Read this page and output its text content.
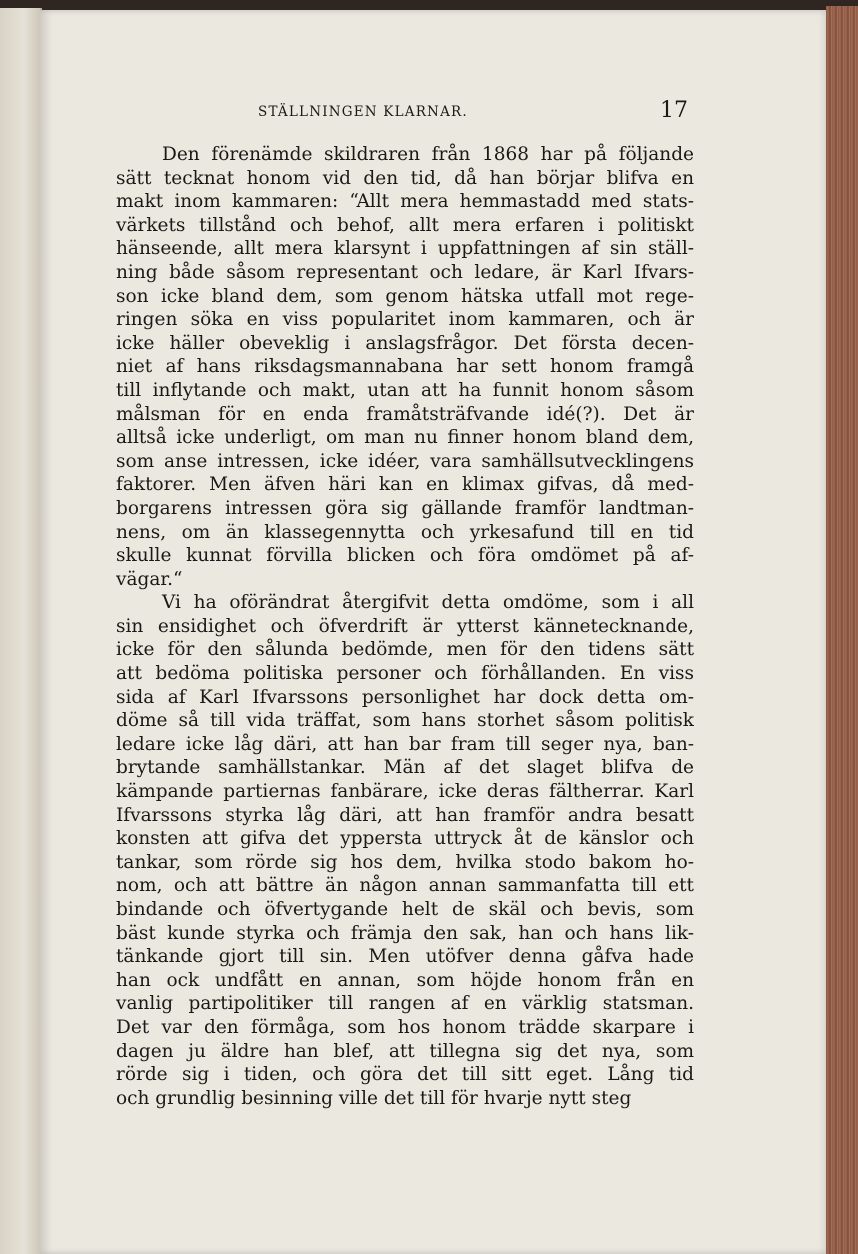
STÄLLNINGEN KLARNAR.	17
Den förenämde skildraren från 1868 har på följande
sätt tecknat honom vid den tid, då han börjar blifva en
makt inom kammaren: “Allt mera hemmastadd med stats-
värkets tillstånd och behof, allt mera erfaren i politiskt
hänseende, allt mera klarsynt i uppfattningen af sin ställ-
ning både såsom representant och ledare, är Karl Ifvars-
son icke bland dem, som genom hätska utfall mot rege-
ringen söka en viss popularitet inom kammaren, och är
icke häller obeveklig i anslagsfrågor. Det första decen-
niet af hans riksdagsmannabana har sett honom framgå
till inflytande och makt, utan att ha funnit honom såsom
målsman för en enda framåtsträfvande idé(?). Det är
alltså icke underligt, om man nu finner honom bland dem,
som anse intressen, icke idéer, vara samhällsutvecklingens
faktorer. Men äfven häri kan en klimax gifvas, då med-
borgarens intressen göra sig gällande framför landtman-
nens, om än klassegennytta och yrkesafund till en tid
skulle kunnat förvilla blicken och föra omdömet på af-
vägar.“
Vi ha oförändrat återgifvit detta omdöme, som i all
sin ensidighet och öfverdrift är ytterst kännetecknande,
icke för den sålunda bedömde, men för den tidens sätt
att bedöma politiska personer och förhållanden. En viss
sida af Karl Ifvarssons personlighet har dock detta om-
döme så till vida träffat, som hans storhet såsom politisk
ledare icke låg däri, att han bar fram till seger nya, ban-
brytande samhällstankar. Män af det slaget blifva de
kämpande partiernas fanbärare, icke deras fältherrar. Karl
Ifvarssons styrka låg däri, att han framför andra besatt
konsten att gifva det yppersta uttryck åt de känslor och
tankar, som rörde sig hos dem, hvilka stodo bakom ho-
nom, och att bättre än någon annan sammanfatta till ett
bindande och öfvertygande helt de skäl och bevis, som
bäst kunde styrka och främja den sak, han och hans lik-
tänkande gjort till sin. Men utöfver denna gåfva hade
han ock undfått en annan, som höjde honom från en
vanlig partipolitiker till rangen af en värklig statsman.
Det var den förmåga, som hos honom trädde skarpare i
dagen ju äldre han blef, att tillegna sig det nya, som
rörde sig i tiden, och göra det till sitt eget. Lång tid
och grundlig besinning ville det till för hvarje nytt steg
